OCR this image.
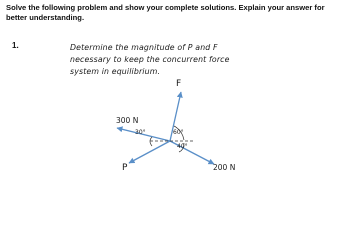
Solve the following problem and show your complete solutions. Explain your answer for better understanding.
1.	Determine the magnitude of P and F
necessary to keep the concurrent force
system in equilibrium.
F
300 N
30°	60°
40°
P	200 N
